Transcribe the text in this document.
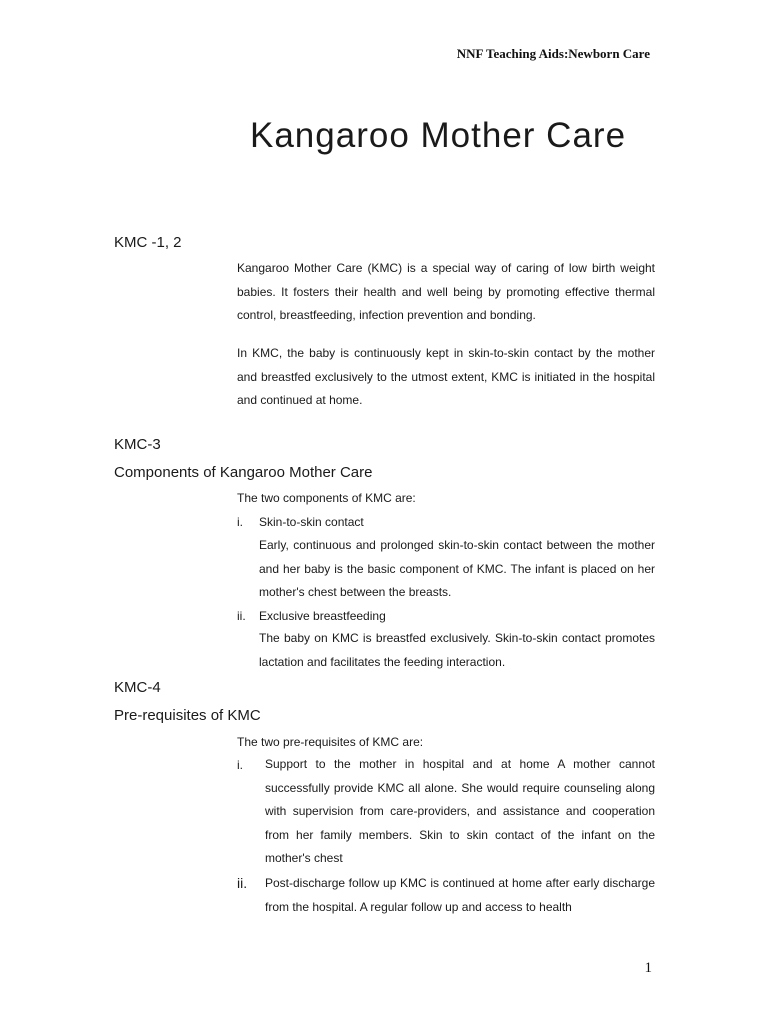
NNF Teaching Aids:Newborn Care
Kangaroo Mother Care
KMC -1, 2

Kangaroo Mother Care (KMC) is a special way of caring of low birth weight babies. It fosters their health and well being by promoting effective thermal control, breastfeeding, infection prevention and bonding.

In KMC, the baby is continuously kept in skin-to-skin contact by the mother and breastfed exclusively to the utmost extent, KMC is initiated in the hospital and continued at home.

KMC-3
Components of Kangaroo Mother Care

The two components of KMC are:

i. Skin-to-skin contact

Early, continuous and prolonged skin-to-skin contact between the mother and her baby is the basic component of KMC. The infant is placed on her mother's chest between the breasts.

ii. Exclusive breastfeeding

The baby on KMC is breastfed exclusively. Skin-to-skin contact promotes lactation and facilitates the feeding interaction.

KMC-4
Pre-requisites of KMC

The two pre-requisites of KMC are:

i. Support to the mother in hospital and at home A mother cannot successfully provide KMC all alone. She would require counseling along with supervision from care-providers, and assistance and cooperation from her family members. Skin to skin contact of the infant on the mother's chest

ii. Post-discharge follow up KMC is continued at home after early discharge from the hospital. A regular follow up and access to health

1
